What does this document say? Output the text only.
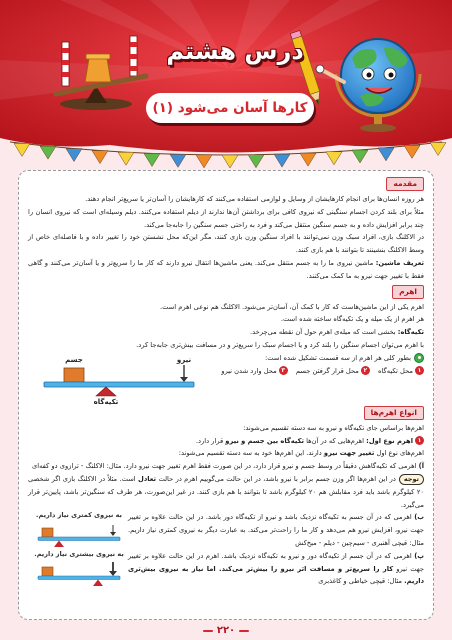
درس هشتم
کارها آسان می‌شود (۱)
مقدمه

هر روزه انسان‌ها برای انجام کارهایشان از وسایل و لوازمی استفاده می‌کنند که کارهایشان را آسان‌تر یا سریع‌تر انجام دهند.

مثلاً برای بلند کردن اجسام سنگینی که نیروی کافی برای برداشتن آن‌ها ندارند از دیلم استفاده می‌کنند. دیلم وسیله‌ای است که نیروی انسان را چند برابر افزایش داده و به جسم سنگین منتقل می‌کند و فرد به راحتی جسم سنگین را جابه‌جا می‌کند.

در الاکلنگ بازی، افراد سبک وزن نمی‌توانند با افراد سنگین وزن بازی کنند، مگر این‌که محل نشستن خود را تغییر داده و با فاصله‌ای خاص از وسط الاکلنگ بنشینند تا بتوانند با هم بازی کنند.

تعریف ماشین: ماشین نیروی ما را به جسم منتقل می‌کند. یعنی ماشین‌ها انتقال نیرو دارند که کار ما را سریع‌تر و یا آسان‌تر می‌کنند و گاهی فقط با تغییر جهت نیرو به ما کمک می‌کنند.

اهرم

اهرم یکی از این ماشین‌هاست که کار با کمک آن، آسان‌تر می‌شود. الاکلنگ هم نوعی اهرم است.

هر اهرم از یک میله و یک تکیه‌گاه ساخته شده است.

تکیه‌گاه: بخشی است که میله‌ی اهرم حول آن نقطه می‌چرخد.

با اهرم می‌توان اجسام سنگین را بلند کرد و یا اجسام سبک را سریع‌تر و در مسافت بیش‌تری جابه‌جا کرد.

جسم	نیرو
تکیه‌گاه

بطور کلی هر اهرم از سه قسمت تشکیل شده است:

۱محل تکیه‌گاه ۲محل قرار گرفتن جسم ۳محل وارد شدن نیرو

انواع اهرم‌ها

اهرم‌ها براساس جای تکیه‌گاه و نیرو به سه دسته تقسیم می‌شوند:

۱اهرم نوع اول: اهرم‌هایی که در آن‌ها تکیه‌گاه بین جسم و نیرو قرار دارد.

اهرم‌های نوع اول تغییر جهت نیرو دارند. این اهرم‌ها خود به سه دسته تقسیم می‌شوند:

آ) اهرمی که تکیه‌گاهش دقیقاً در وسط جسم و نیرو قرار دارد، در این صورت فقط اهرم تغییر جهت نیرو دارد. مثال: الاکلنگ - ترازوی دو کفه‌ای

توجهدر این اهرم‌ها اگر وزن جسم برابر با نیرو باشد، در این حالت می‌گوییم اهرم در حالت تعادل است. مثلاً در الاکلنگ بازی اگر شخصی ۲۰ کیلوگرم باشد باید فرد مقابلش هم ۲۰ کیلوگرم باشد تا بتوانند با هم بازی کنند. در غیر این‌صورت، هر طرف که سنگین‌تر باشد، پایین‌تر قرار می‌گیرد.

به نیروی کمتری نیاز داریم.
به نیروی بیشتری نیاز داریم.

ب) اهرمی که در آن جسم به تکیه‌گاه نزدیک باشد و نیرو از تکیه‌گاه دور باشد. در این حالت علاوه بر تغییر جهت نیرو، افزایش نیرو هم می‌دهد و کار ما را راحت‌تر می‌کند. به عبارت دیگر به نیروی کمتری نیاز داریم. مثال: قیچی آهنبری - سیم‌چین - دیلم - میخ‌کش

پ) اهرمی که در آن جسم از تکیه‌گاه دور و نیرو به تکیه‌گاه نزدیک باشد. اهرم در این حالت علاوه بر تغییر جهت نیرو کار را سریع‌تر و مسافت اثر نیرو را بیش‌تر می‌کند. اما نیاز به نیروی بیش‌تری داریم. مثال: قیچی خیاطی و کاغذبری

۲۲۰
